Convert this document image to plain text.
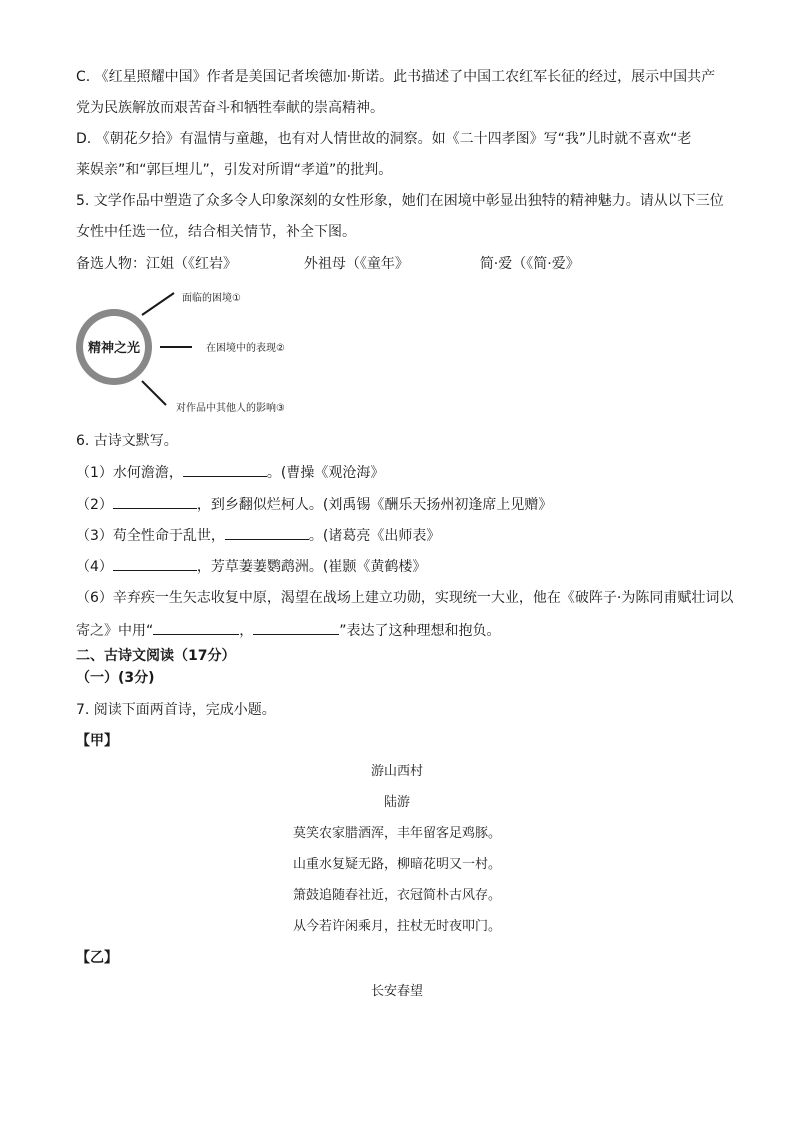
C. 《红星照耀中国》作者是美国记者埃德加·斯诺。此书描述了中国工农红军长征的经过，展示中国共产
党为民族解放而艰苦奋斗和牺牲奉献的崇高精神。
D. 《朝花夕拾》有温情与童趣，也有对人情世故的洞察。如《二十四孝图》写“我”儿时就不喜欢“老
莱娱亲”和“郭巨埋儿”，引发对所谓“孝道”的批判。
5. 文学作品中塑造了众多令人印象深刻的女性形象，她们在困境中彰显出独特的精神魅力。请从以下三位
女性中任选一位，结合相关情节，补全下图。
备选人物：江姐（《红岩》	外祖母（《童年》	简·爱（《简·爱》
精神之光
面临的困境①
在困境中的表现②
对作品中其他人的影响③
6. 古诗文默写。
（1）水何澹澹，	。(曹操《观沧海》
（2）	，到乡翻似烂柯人。(刘禹锡《酬乐天扬州初逢席上见赠》
（3）苟全性命于乱世，	。(诸葛亮《出师表》
（4）	，芳草萋萋鹦鹉洲。(崔颢《黄鹤楼》
（6）辛弃疾一生矢志收复中原，渴望在战场上建立功勋，实现统一大业，他在《破阵子·为陈同甫赋壮词以
寄之》中用“	，	”表达了这种理想和抱负。
二、古诗文阅读（17分）
（一）(3分)
7. 阅读下面两首诗，完成小题。
【甲】
游山西村
陆游
莫笑农家腊酒浑，丰年留客足鸡豚。
山重水复疑无路，柳暗花明又一村。
箫鼓追随春社近，衣冠简朴古风存。
从今若许闲乘月，拄杖无时夜叩门。
【乙】
长安春望
